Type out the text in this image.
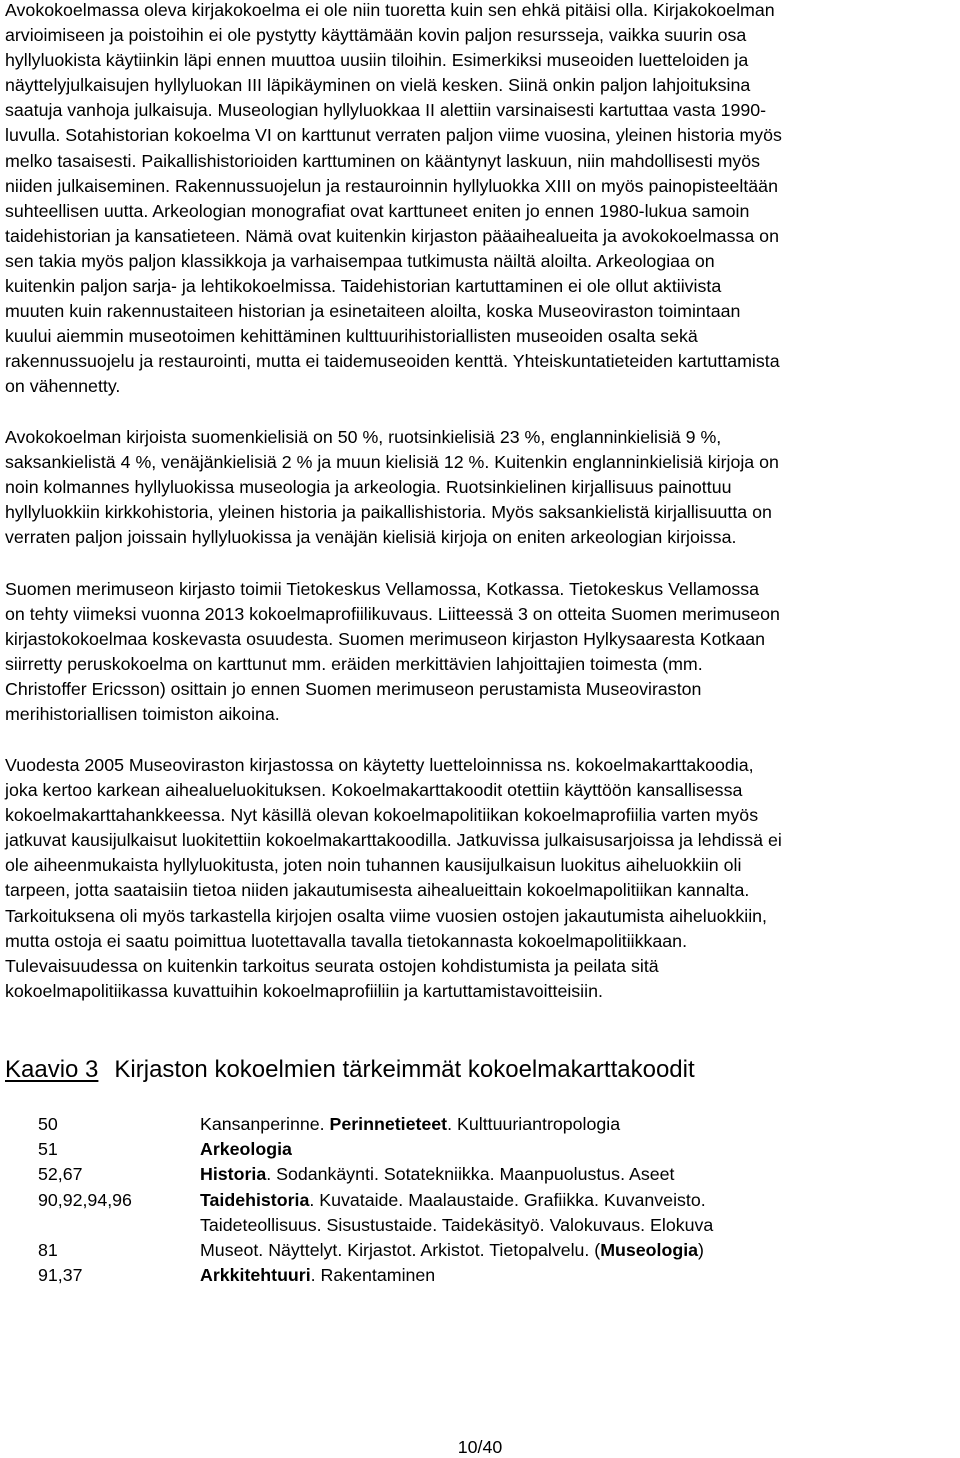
Avokokoelmassa oleva kirjakokoelma ei ole niin tuoretta kuin sen ehkä pitäisi olla. Kirjakokoelman
arvioimiseen ja poistoihin ei ole pystytty käyttämään kovin paljon resursseja, vaikka suurin osa
hyllyluokista käytiinkin läpi ennen muuttoa uusiin tiloihin. Esimerkiksi museoiden luetteloiden ja
näyttelyjulkaisujen hyllyluokan III läpikäyminen on vielä kesken. Siinä onkin paljon lahjoituksina
saatuja vanhoja julkaisuja. Museologian hyllyluokkaa II alettiin varsinaisesti kartuttaa vasta 1990-
luvulla. Sotahistorian kokoelma VI on karttunut verraten paljon viime vuosina, yleinen historia myös
melko tasaisesti. Paikallishistorioiden karttuminen on kääntynyt laskuun, niin mahdollisesti myös
niiden julkaiseminen. Rakennussuojelun ja restauroinnin hyllyluokka XIII on myös painopisteeltään
suhteellisen uutta. Arkeologian monografiat ovat karttuneet eniten jo ennen 1980-lukua samoin
taidehistorian ja kansatieteen. Nämä ovat kuitenkin kirjaston pääaihealueita ja avokokoelmassa on
sen takia myös paljon klassikkoja ja varhaisempaa tutkimusta näiltä aloilta. Arkeologiaa on
kuitenkin paljon sarja- ja lehtikokoelmissa. Taidehistorian kartuttaminen ei ole ollut aktiivista
muuten kuin rakennustaiteen historian ja esinetaiteen aloilta, koska Museoviraston toimintaan
kuului aiemmin museotoimen kehittäminen kulttuurihistoriallisten museoiden osalta sekä
rakennussuojelu ja restaurointi, mutta ei taidemuseoiden kenttä. Yhteiskuntatieteiden kartuttamista
on vähennetty.
Avokokoelman kirjoista suomenkielisiä on 50 %, ruotsinkielisiä 23 %, englanninkielisiä 9 %,
saksankielistä 4 %, venäjänkielisiä 2 % ja muun kielisiä 12 %. Kuitenkin englanninkielisiä kirjoja on
noin kolmannes hyllyluokissa museologia ja arkeologia. Ruotsinkielinen kirjallisuus painottuu
hyllyluokkiin kirkkohistoria, yleinen historia ja paikallishistoria. Myös saksankielistä kirjallisuutta on
verraten paljon joissain hyllyluokissa ja venäjän kielisiä kirjoja on eniten arkeologian kirjoissa.
Suomen merimuseon kirjasto toimii Tietokeskus Vellamossa, Kotkassa. Tietokeskus Vellamossa
on tehty viimeksi vuonna 2013 kokoelmaprofiilikuvaus. Liitteessä 3 on otteita Suomen merimuseon
kirjastokokoelmaa koskevasta osuudesta. Suomen merimuseon kirjaston Hylkysaaresta Kotkaan
siirretty peruskokoelma on karttunut mm. eräiden merkittävien lahjoittajien toimesta (mm.
Christoffer Ericsson) osittain jo ennen Suomen merimuseon perustamista Museoviraston
merihistoriallisen toimiston aikoina.
Vuodesta 2005 Museoviraston kirjastossa on käytetty luetteloinnissa ns. kokoelmakarttakoodia,
joka kertoo karkean aihealueluokituksen. Kokoelmakarttakoodit otettiin käyttöön kansallisessa
kokoelmakarttahankkeessa. Nyt käsillä olevan kokoelmapolitiikan kokoelmaprofiilia varten myös
jatkuvat kausijulkaisut luokitettiin kokoelmakarttakoodilla. Jatkuvissa julkaisusarjoissa ja lehdissä ei
ole aiheenmukaista hyllyluokitusta, joten noin tuhannen kausijulkaisun luokitus aiheluokkiin oli
tarpeen, jotta saataisiin tietoa niiden jakautumisesta aihealueittain kokoelmapolitiikan kannalta.
Tarkoituksena oli myös tarkastella kirjojen osalta viime vuosien ostojen jakautumista aiheluokkiin,
mutta ostoja ei saatu poimittua luotettavalla tavalla tietokannasta kokoelmapolitiikkaan.
Tulevaisuudessa on kuitenkin tarkoitus seurata ostojen kohdistumista ja peilata sitä
kokoelmapolitiikassa kuvattuihin kokoelmaprofiiliin ja kartuttamistavoitteisiin.
Kaavio 3 Kirjaston kokoelmien tärkeimmät kokoelmakarttakoodit
50	Kansanperinne. Perinnetieteet. Kulttuuriantropologia
51	Arkeologia
52,67	Historia. Sodankäynti. Sotatekniikka. Maanpuolustus. Aseet
90,92,94,96	Taidehistoria. Kuvataide. Maalaustaide. Grafiikka. Kuvanveisto.
Taideteollisuus. Sisustustaide. Taidekäsityö. Valokuvaus. Elokuva
81	Museot. Näyttelyt. Kirjastot. Arkistot. Tietopalvelu. (Museologia)
91,37	Arkkitehtuuri. Rakentaminen
10/40
